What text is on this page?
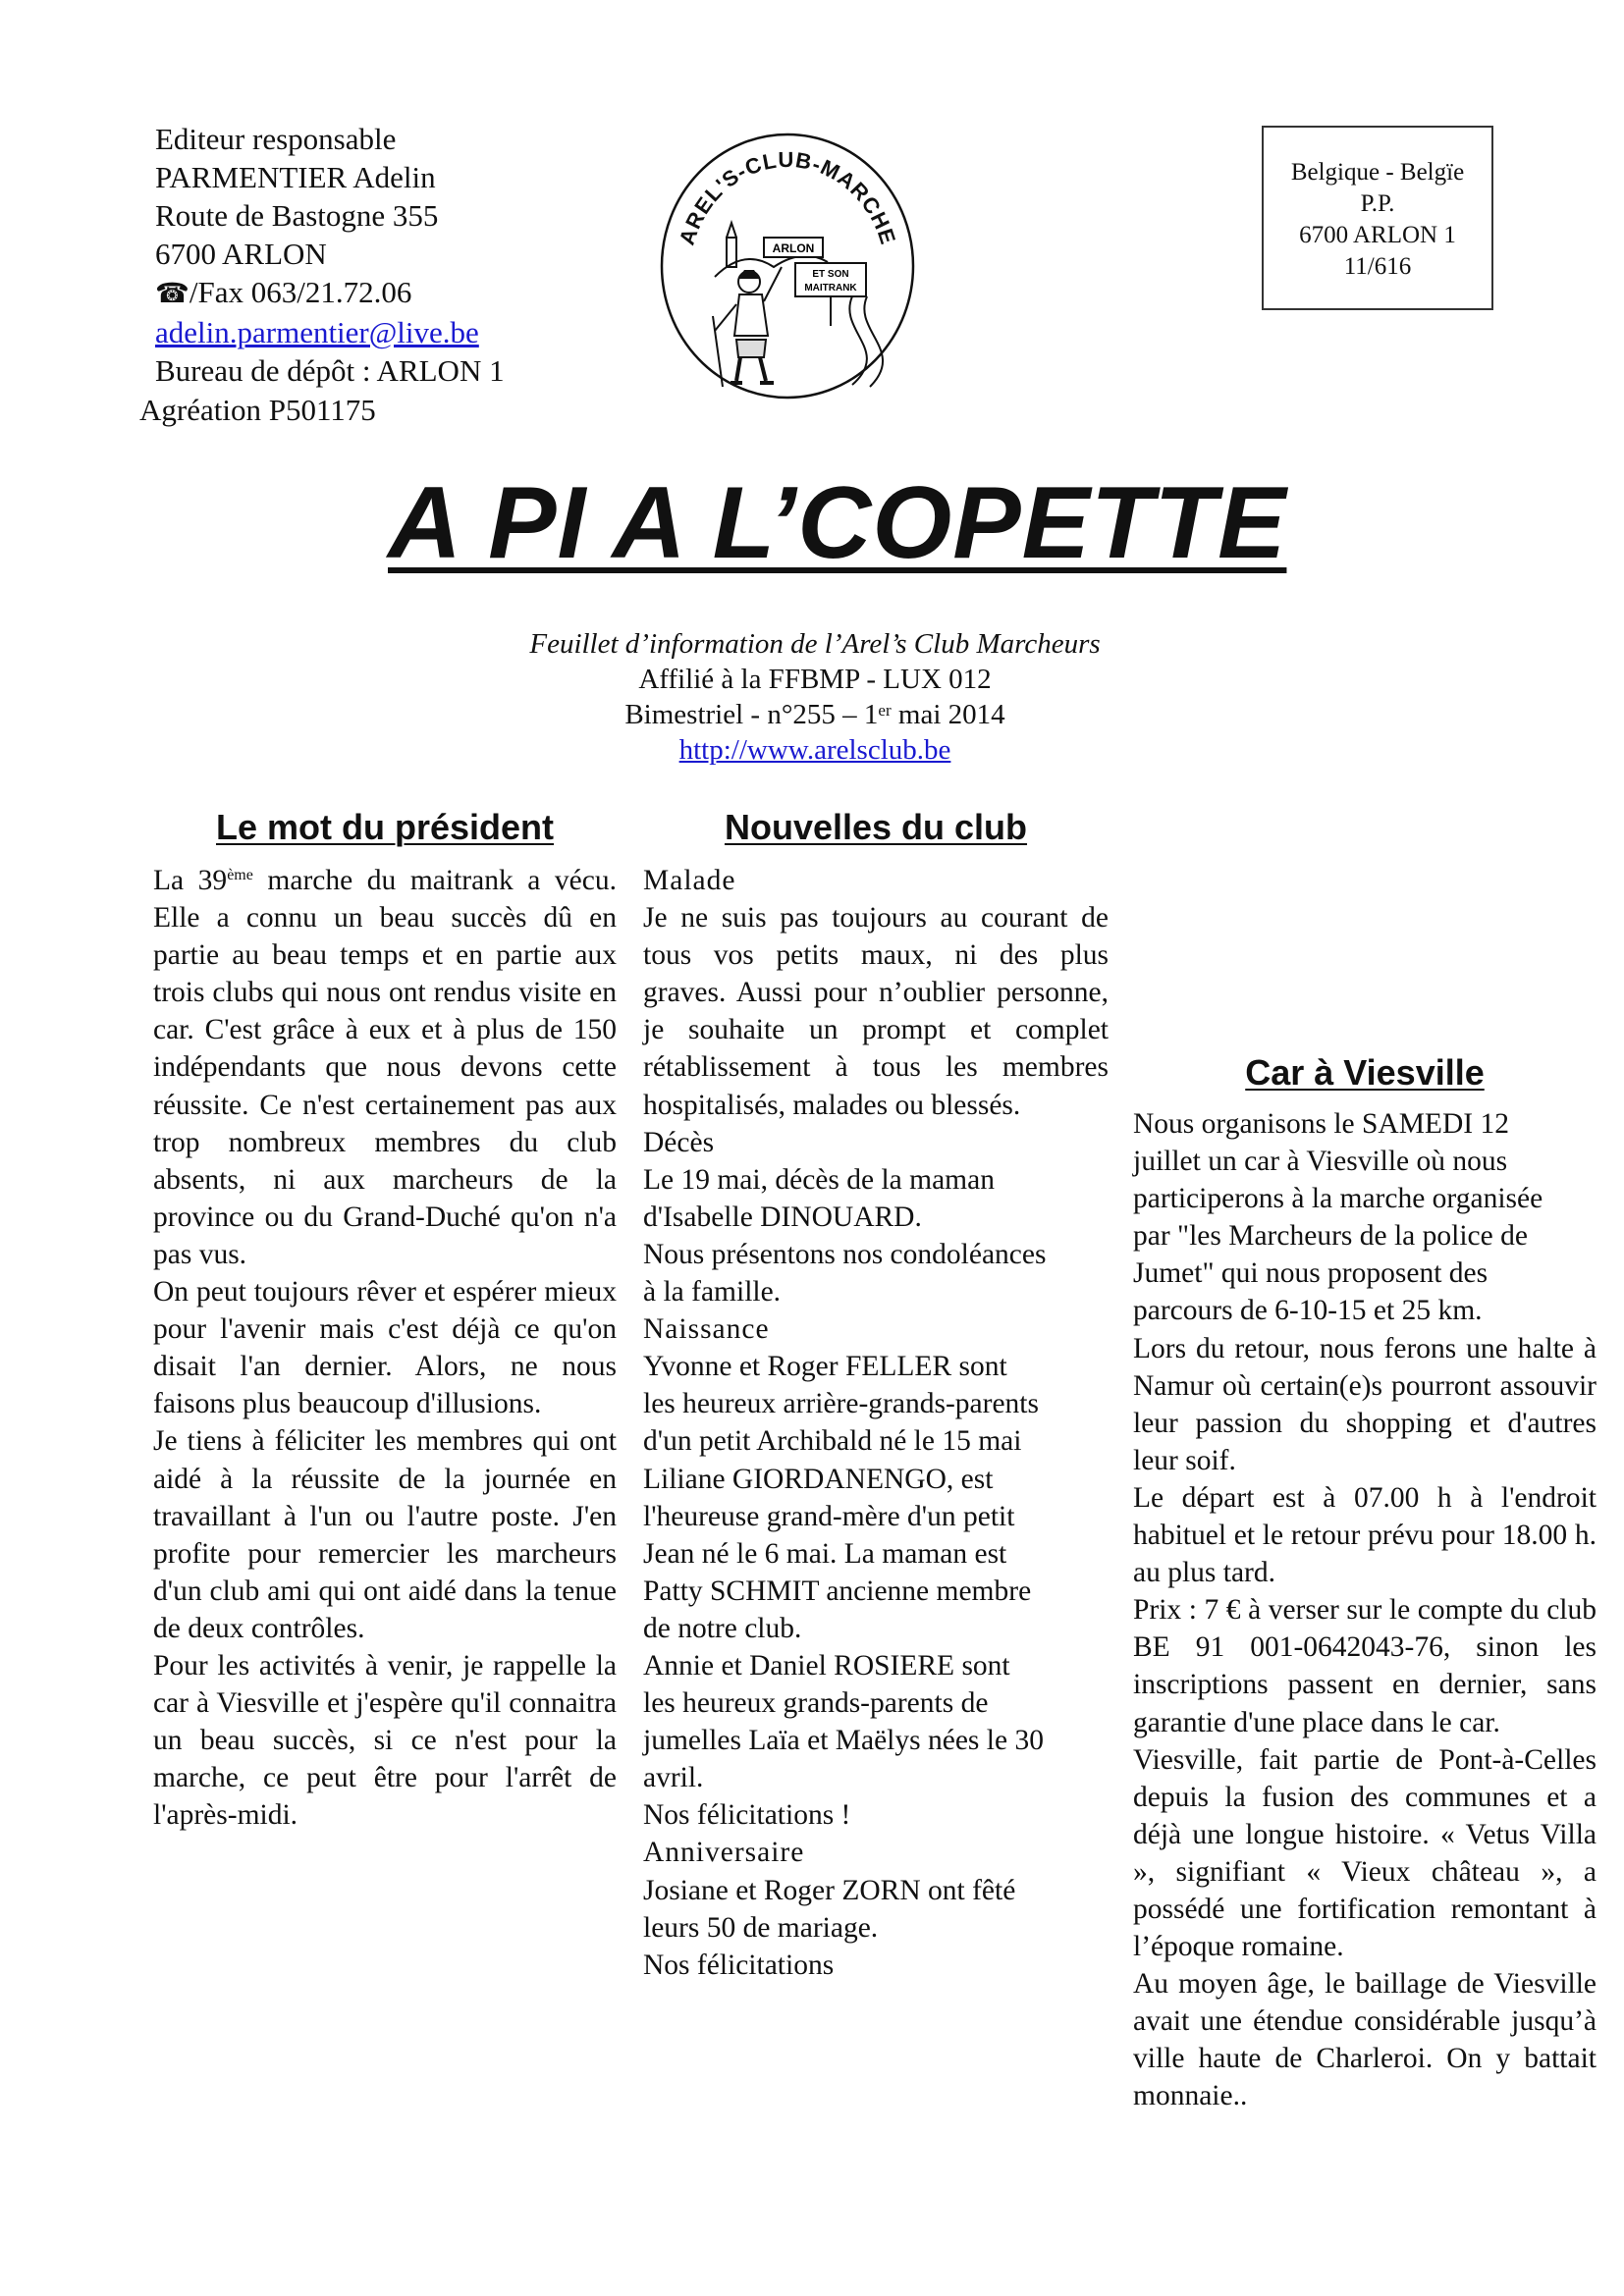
Editeur responsable
PARMENTIER Adelin
Route de Bastogne 355
6700 ARLON
☎/Fax 063/21.72.06
adelin.parmentier@live.be
Bureau de dépôt : ARLON 1
Agréation P501175
AREL'S-CLUB-MARCHE
ARLON
ET SON
MAITRANK
Belgique - Belgïe
P.P.
6700 ARLON 1
11/616
A PI A L’COPETTE
Feuillet d’information de l’Arel’s Club Marcheurs
Affilié à la FFBMP - LUX 012
Bimestriel - n°255 – 1er mai 2014
http://www.arelsclub.be
Le mot du président	Nouvelles du club
Car à Viesville

La 39ème marche du maitrank a vécu. Elle a connu un beau succès dû en partie au beau temps et en partie aux trois clubs qui nous ont rendus visite en car. C'est grâce à eux et à plus de 150 indépendants que nous devons cette réussite. Ce n'est certainement pas aux trop nombreux membres du club absents, ni aux marcheurs de la province ou du Grand-Duché qu'on n'a pas vus.

On peut toujours rêver et espérer mieux pour l'avenir mais c'est déjà ce qu'on disait l'an dernier. Alors, ne nous faisons plus beaucoup d'illusions.

Je tiens à féliciter les membres qui ont aidé à la réussite de la journée en travaillant à l'un ou l'autre poste. J'en profite pour remercier les marcheurs d'un club ami qui ont aidé dans la tenue de deux contrôles.

Pour les activités à venir, je rappelle la car à Viesville et j'espère qu'il connaitra un beau succès, si ce n'est pour la marche, ce peut être pour l'arrêt de l'après-midi.

Malade

Je ne suis pas toujours au courant de tous vos petits maux, ni des plus graves. Aussi pour n’oublier personne, je souhaite un prompt et complet rétablissement à tous les membres hospitalisés, malades ou blessés.

Décès

Le 19 mai, décès de la maman

d'Isabelle DINOUARD.

Nous présentons nos condoléances

à la famille.

Naissance

Yvonne et Roger FELLER sont

les heureux arrière-grands-parents

d'un petit Archibald né le 15 mai

Liliane GIORDANENGO, est

l'heureuse grand-mère d'un petit

Jean né le 6 mai. La maman est

Patty SCHMIT ancienne membre

de notre club.

Annie et Daniel ROSIERE sont

les heureux grands-parents de

jumelles Laïa et Maëlys nées le 30

avril.

Nos félicitations !

Anniversaire

Josiane et Roger ZORN ont fêté

leurs 50 de mariage.

Nos félicitations

Nous organisons le SAMEDI 12

juillet un car à Viesville où nous

participerons à la marche organisée

par "les Marcheurs de la police de

Jumet" qui nous proposent des

parcours de 6-10-15 et 25 km.

Lors du retour, nous ferons une halte à Namur où certain(e)s pourront assouvir leur passion du shopping et d'autres leur soif.

Le départ est à 07.00 h à l'endroit habituel et le retour prévu pour 18.00 h. au plus tard.

Prix : 7 € à verser sur le compte du club BE 91 001-0642043-76, sinon les inscriptions passent en dernier, sans garantie d'une place dans le car.

Viesville, fait partie de Pont-à-Celles depuis la fusion des communes et a déjà une longue histoire. « Vetus Villa », signifiant « Vieux château », a possédé une fortification remontant à l’époque romaine.

Au moyen âge, le baillage de Viesville avait une étendue considérable jusqu’à ville haute de Charleroi. On y battait monnaie..
